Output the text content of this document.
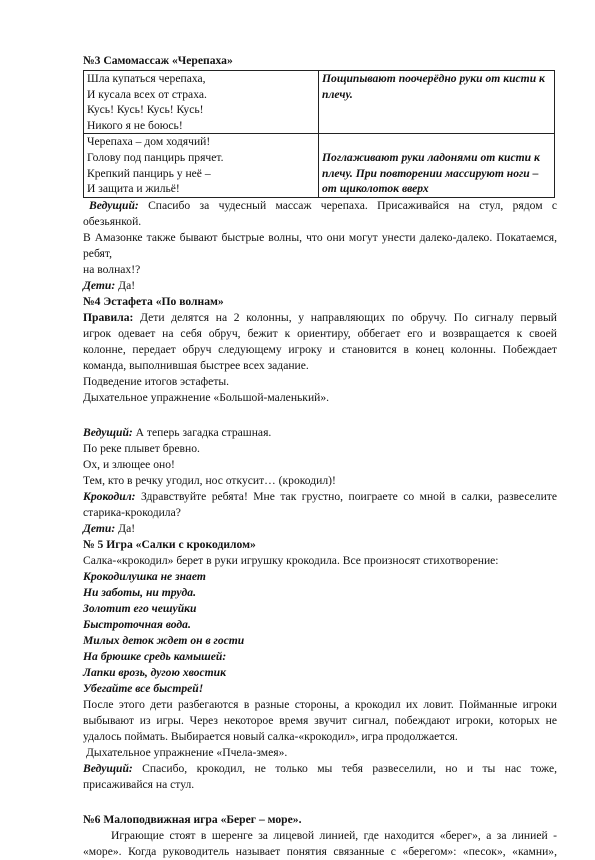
№3 Самомассаж «Черепаха»
Шла купаться черепаха,
И кусала всех от страха.
Кусь! Кусь! Кусь! Кусь!
Никого я не боюсь!	Пощипывают поочерёдно руки от кисти к плечу.

Черепаха – дом ходячий!
Голову под панцирь прячет.
Крепкий панцирь у неё –
И защита и жильё!	Поглаживают руки ладонями от кисти к плечу. При повторении массируют ноги – от щиколоток вверх
Ведущий: Спасибо за чудесный массаж черепаха. Присаживайся на стул, рядом с
обезьянкой.
В Амазонке также бывают быстрые волны, что они могут унести далеко-далеко. Покатаемся, ребят,
на волнах!?
Дети: Да!
№4 Эстафета «По волнам»
Правила: Дети делятся на 2 колонны, у направляющих по обручу. По сигналу первый
игрок одевает на себя обруч, бежит к ориентиру, оббегает его и возвращается к своей
колонне, передает обруч следующему игроку и становится в конец колонны. Побеждает
команда, выполнившая быстрее всех задание.
Подведение итогов эстафеты.
Дыхательное упражнение «Большой-маленький».
Ведущий: А теперь загадка страшная.
По реке плывет бревно.
Ох, и злющее оно!
Тем, кто в речку угодил, нос откусит… (крокодил)!
Крокодил: Здравствуйте ребята! Мне так грустно, поиграете со мной в салки, развеселите
старика-крокодила?
Дети: Да!
№ 5 Игра «Салки с крокодилом»
Салка-«крокодил» берет в руки игрушку крокодила. Все произносят стихотворение:
Крокодилушка не знает
Ни заботы, ни труда.
Золотит его чешуйки
Быстроточная вода.
Милых деток ждет он в гости
На брюшке средь камышей:
Лапки врозь, дугою хвостик
Убегайте все быстрей!
После этого дети разбегаются в разные стороны, а крокодил их ловит. Пойманные игроки
выбывают из игры. Через некоторое время звучит сигнал, побеждают игроки, которых не
удалось поймать. Выбирается новый салка-«крокодил», игра продолжается.
Дыхательное упражнение «Пчела-змея».
Ведущий: Спасибо, крокодил, не только мы тебя развеселили, но и ты нас тоже,
присаживайся на стул.
№6 Малоподвижная игра «Берег – море».
Играющие стоят в шеренге за лицевой линией, где находится «берег», а за линией -
«море». Когда руководитель называет понятия связанные с «берегом»: «песок», «камни»,
